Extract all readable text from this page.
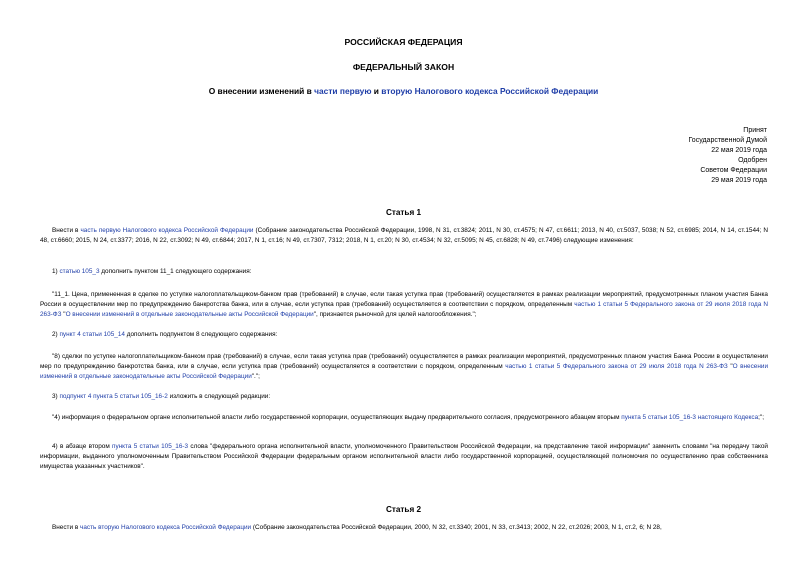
РОССИЙСКАЯ ФЕДЕРАЦИЯ
ФЕДЕРАЛЬНЫЙ ЗАКОН
О внесении изменений в части первую и вторую Налогового кодекса Российской Федерации
Принят
Государственной Думой
22 мая 2019 года
Одобрен
Советом Федерации
29 мая 2019 года
Статья 1
Внести в часть первую Налогового кодекса Российской Федерации (Собрание законодательства Российской Федерации, 1998, N 31, ст.3824; 2011, N 30, ст.4575; N 47, ст.6611; 2013, N 40, ст.5037, 5038; N 52, ст.6985; 2014, N 14, ст.1544; N 48, ст.6660; 2015, N 24, ст.3377; 2016, N 22, ст.3092; N 49, ст.6844; 2017, N 1, ст.16; N 49, ст.7307, 7312; 2018, N 1, ст.20; N 30, ст.4534; N 32, ст.5095; N 45, ст.6828; N 49, ст.7496) следующие изменения:
1) статью 105_3 дополнить пунктом 11_1 следующего содержания:
"11_1. Цена, примененная в сделке по уступке налогоплательщиком-банком прав (требований) в случае, если такая уступка прав (требований) осуществляется в рамках реализации мероприятий, предусмотренных планом участия Банка России в осуществлении мер по предупреждению банкротства банка, или в случае, если уступка прав (требований) осуществляется в соответствии с порядком, определенным частью 1 статьи 5 Федерального закона от 29 июля 2018 года N 263-ФЗ "О внесении изменений в отдельные законодательные акты Российской Федерации", признается рыночной для целей налогообложения.";
2) пункт 4 статьи 105_14 дополнить подпунктом 8 следующего содержания:
"8) сделки по уступке налогоплательщиком-банком прав (требований) в случае, если такая уступка прав (требований) осуществляется в рамках реализации мероприятий, предусмотренных планом участия Банка России в осуществлении мер по предупреждению банкротства банка, или в случае, если уступка прав (требований) осуществляется в соответствии с порядком, определенным частью 1 статьи 5 Федерального закона от 29 июля 2018 года N 263-ФЗ "О внесении изменений в отдельные законодательные акты Российской Федерации".";
3) подпункт 4 пункта 5 статьи 105_16-2 изложить в следующей редакции:
"4) информация о федеральном органе исполнительной власти либо государственной корпорации, осуществляющих выдачу предварительного согласия, предусмотренного абзацем вторым пункта 5 статьи 105_16-3 настоящего Кодекса;";
4) в абзаце втором пункта 5 статьи 105_16-3 слова "федерального органа исполнительной власти, уполномоченного Правительством Российской Федерации, на представление такой информации" заменить словами "на передачу такой информации, выданного уполномоченным Правительством Российской Федерации федеральным органом исполнительной власти либо государственной корпорацией, осуществляющей полномочия по осуществлению прав собственника имущества указанных участников".
Статья 2
Внести в часть вторую Налогового кодекса Российской Федерации (Собрание законодательства Российской Федерации, 2000, N 32, ст.3340; 2001, N 33, ст.3413; 2002, N 22, ст.2026; 2003, N 1, ст.2, 6; N 28,
